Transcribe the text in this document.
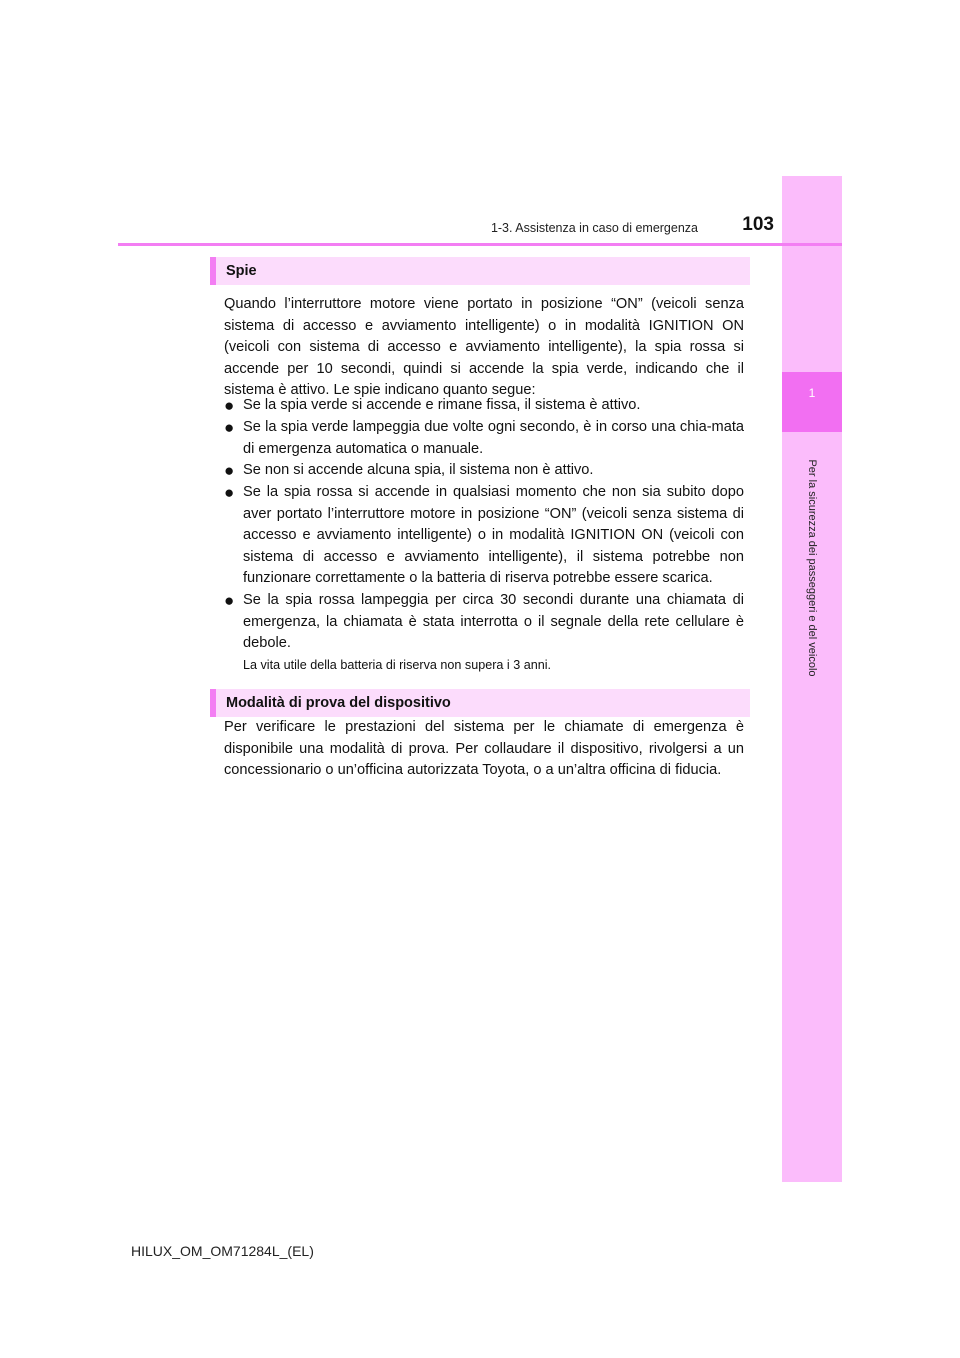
1
Per la sicurezza dei passeggeri e del veicolo
1-3. Assistenza in caso di emergenza	103
Spie

Quando l’interruttore motore viene portato in posizione “ON” (veicoli senza sistema di accesso e avviamento intelligente) o in modalità IGNITION ON (veicoli con sistema di accesso e avviamento intelligente), la spia rossa si accende per 10 secondi, quindi si accende la spia verde, indicando che il sistema è attivo. Le spie indicano quanto segue:

● Se la spia verde si accende e rimane fissa, il sistema è attivo.
● Se la spia verde lampeggia due volte ogni secondo, è in corso una chia-mata di emergenza automatica o manuale.
● Se non si accende alcuna spia, il sistema non è attivo.
● Se la spia rossa si accende in qualsiasi momento che non sia subito dopo aver portato l’interruttore motore in posizione “ON” (veicoli senza sistema di accesso e avviamento intelligente) o in modalità IGNITION ON (veicoli con sistema di accesso e avviamento intelligente), il sistema potrebbe non funzionare correttamente o la batteria di riserva potrebbe essere scarica.
● Se la spia rossa lampeggia per circa 30 secondi durante una chiamata di emergenza, la chiamata è stata interrotta o il segnale della rete cellulare è debole.
La vita utile della batteria di riserva non supera i 3 anni.
Modalità di prova del dispositivo

Per verificare le prestazioni del sistema per le chiamate di emergenza è disponibile una modalità di prova. Per collaudare il dispositivo, rivolgersi a un concessionario o un’officina autorizzata Toyota, o a un’altra officina di fiducia.

HILUX_OM_OM71284L_(EL)
